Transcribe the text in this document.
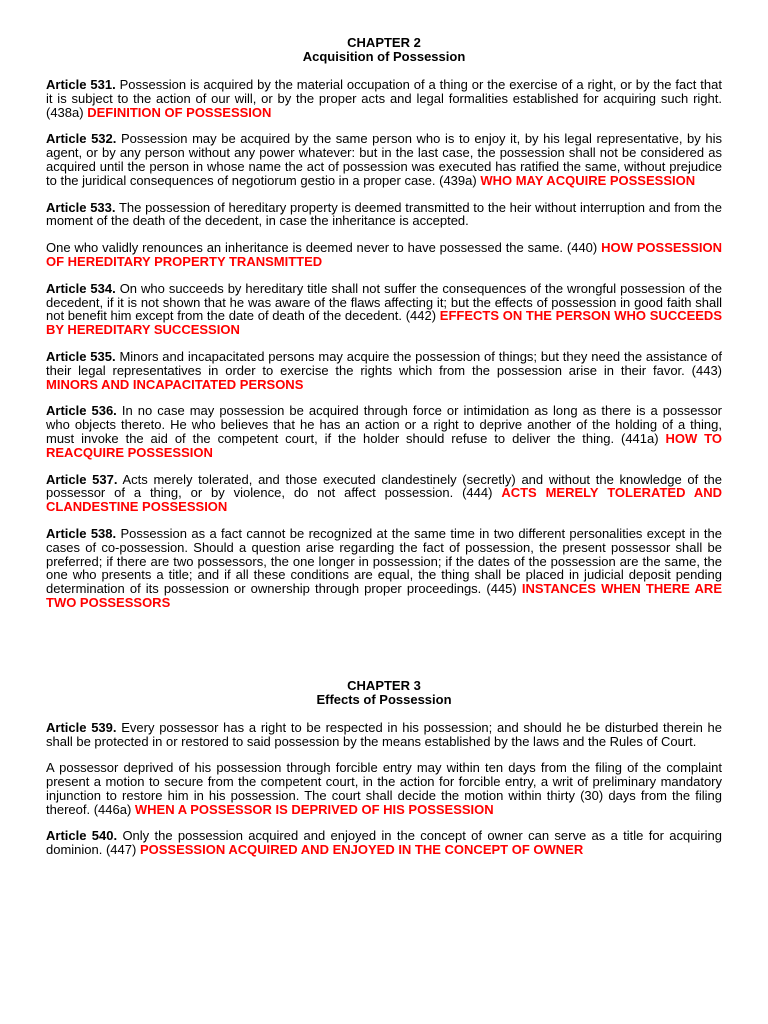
CHAPTER 2
Acquisition of Possession

Article 531. Possession is acquired by the material occupation of a thing or the exercise of a right, or by the fact that it is subject to the action of our will, or by the proper acts and legal formalities established for acquiring such right. (438a) DEFINITION OF POSSESSION

Article 532. Possession may be acquired by the same person who is to enjoy it, by his legal representative, by his agent, or by any person without any power whatever: but in the last case, the possession shall not be considered as acquired until the person in whose name the act of possession was executed has ratified the same, without prejudice to the juridical consequences of negotiorum gestio in a proper case. (439a) WHO MAY ACQUIRE POSSESSION

Article 533. The possession of hereditary property is deemed transmitted to the heir without interruption and from the moment of the death of the decedent, in case the inheritance is accepted.

One who validly renounces an inheritance is deemed never to have possessed the same. (440) HOW POSSESSION OF HEREDITARY PROPERTY TRANSMITTED

Article 534. On who succeeds by hereditary title shall not suffer the consequences of the wrongful possession of the decedent, if it is not shown that he was aware of the flaws affecting it; but the effects of possession in good faith shall not benefit him except from the date of death of the decedent. (442) EFFECTS ON THE PERSON WHO SUCCEEDS BY HEREDITARY SUCCESSION

Article 535. Minors and incapacitated persons may acquire the possession of things; but they need the assistance of their legal representatives in order to exercise the rights which from the possession arise in their favor. (443) MINORS AND INCAPACITATED PERSONS

Article 536. In no case may possession be acquired through force or intimidation as long as there is a possessor who objects thereto. He who believes that he has an action or a right to deprive another of the holding of a thing, must invoke the aid of the competent court, if the holder should refuse to deliver the thing. (441a) HOW TO REACQUIRE POSSESSION

Article 537. Acts merely tolerated, and those executed clandestinely (secretly) and without the knowledge of the possessor of a thing, or by violence, do not affect possession. (444) ACTS MERELY TOLERATED AND CLANDESTINE POSSESSION

Article 538. Possession as a fact cannot be recognized at the same time in two different personalities except in the cases of co-possession. Should a question arise regarding the fact of possession, the present possessor shall be preferred; if there are two possessors, the one longer in possession; if the dates of the possession are the same, the one who presents a title; and if all these conditions are equal, the thing shall be placed in judicial deposit pending determination of its possession or ownership through proper proceedings. (445) INSTANCES WHEN THERE ARE TWO POSSESSORS

CHAPTER 3
Effects of Possession

Article 539. Every possessor has a right to be respected in his possession; and should he be disturbed therein he shall be protected in or restored to said possession by the means established by the laws and the Rules of Court.

A possessor deprived of his possession through forcible entry may within ten days from the filing of the complaint present a motion to secure from the competent court, in the action for forcible entry, a writ of preliminary mandatory injunction to restore him in his possession. The court shall decide the motion within thirty (30) days from the filing thereof. (446a) WHEN A POSSESSOR IS DEPRIVED OF HIS POSSESSION

Article 540. Only the possession acquired and enjoyed in the concept of owner can serve as a title for acquiring dominion. (447) POSSESSION ACQUIRED AND ENJOYED IN THE CONCEPT OF OWNER
